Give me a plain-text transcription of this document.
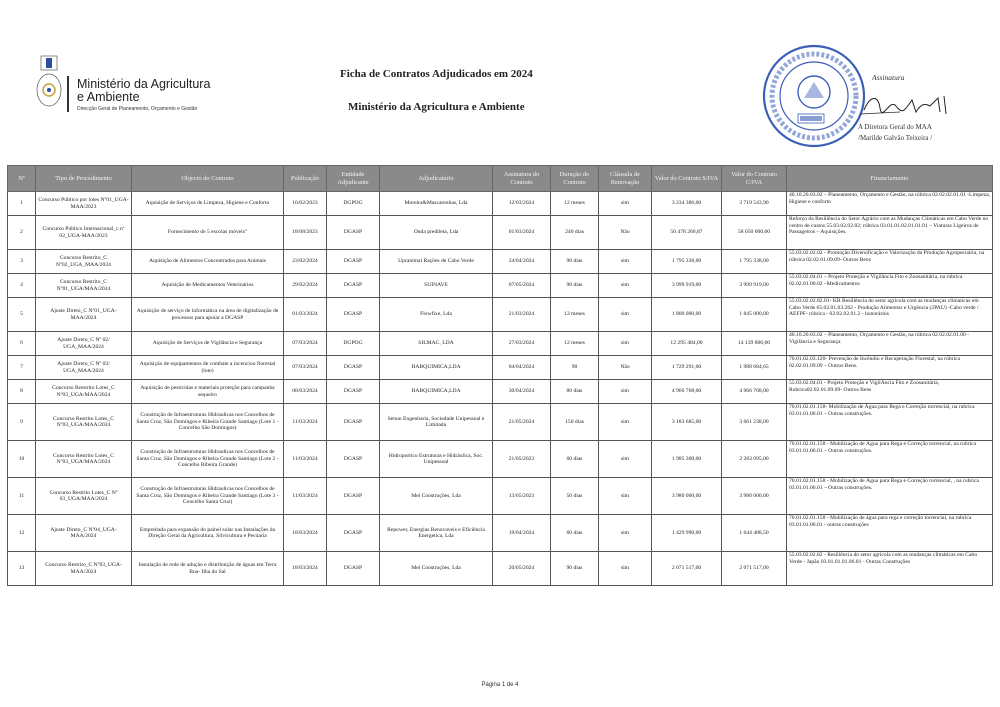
Ministério da Agricultura
e Ambiente
Direcção Geral de Planeamento, Orçamento e Gestão
Ficha de Contratos Adjudicados em 2024
Ministério da Agricultura e Ambiente
Assinatura
A Diretora Geral do MAA
/Marilde Galvão Teixeira /
Nº	Tipo de Procedimento	Objecto do Contrato	Publicação	Entidade Adjudicante	Adjudicatário	Assinatura do Contrato	Duração do Contrato	Cláusula de Renovação	Valor do Contrato S/IVA	Valor do Contrato C/IVA	Financiamento
1	Concurso Público por lotes Nº01_UGA-MAA/2023	Aquisição de Serviços de Limpeza, Higiene e Conforto	16/02/2023	DGPOG	Moreira&Mascarenhas, Lda	12/03/2024	12 meses	sim	3 234 386,00	3 719 543,90	40.10.20.03.02 – Planeamento, Orçamento e Gestão, na rúbrica 02.02.02.01.01 -Limpeza, Higiene e conforto
2	Concurso Público Internacional_c nº 02_UGA-MAA/2023	Fornecimento de 5 escolas móveis"	18/08/2023	DGASP	Onda predileta, Lda	01/03/2024	240 dias	Não	50 478 260,87	58 050 000,00	Reforço da Resiliência do Setor Agrário com as Mudanças Climáticas em Cabo Verde no centro de custos 55.03.02.02.82; rúbrica 03.01.01.02.01.01.01 – Viaturas Ligeiros de Passageiros – Aquisições.
3	Concurso Restrito_C Nº02_UGA_MAA/2024	Aquisição de Alimentos Concentrados para Animais	23/02/2024	DGASP	Upranimal Rações de Cabo Verde	24/04/2024	90 dias	sim	1 795 338,00	1 795 338,00	55.03.02.02.02 - Promoção Diversificação e Valorização da Produção Agropecuária, na rúbrica 02.02.01.09.09- Outros Bens
4	Concurso Restrito_C Nº01_UGA/MAA/2024	Aquisição de Medicamentos Veterinários	29/02/2024	DGASP	SUINAVE	07/05/2024	90 dias	sim	3 999 919,00	3 999 919,00	55.03.02.04.01 – Projeto Proteção e Vigilância Fito e Zoosanitária, na rúbrica 02.02.01.00.02 –Medicamentos
5	Ajuste Direto_C Nº01_UGA-MAA/2024	Aquisição de serviço de informática na área de digitalização de processos para apoiar a DGASP	01/03/2024	DGASP	Flowfixe, Lda	21/03/2024	12 meses	sim	1 800 000,00	1 845 000,00	55.03.02.02.82.01- KR Resiliência do setor agrícola com as mudanças climaticas em Cabo Verde 65.02.01.03.262 - Produção Alimentar e Urgência (2PAU) -Cabo verde / AEFPF- rúbrica - 02.02.02.01.2 - honorários
6	Ajuste Direto_C Nº 02/ UGA_MAA/2024	Aquisição de Serviços de Vigilância e Segurança	07/03/2024	DGPOG	SILMAC, LDA	27/03/2024	12 meses	sim	12 295 484,00	14 139 806,60	40.10.20.03.02 – Planeamento, Orçamento e Gestão, na rúbrica 02.02.02.01.00 - Vigilância e Segurança
7	Ajuste Direto_C Nº 03/ UGA_MAA/2024	Aquisição de equipamentos de combate a incencioo florestal (lote)	07/03/2024	DGASP	HABQUIMICA,LDA	04/04/2024	90	Não	1 729 291,00	1 988 684,65	70.01.02.03.120- Prevenção de Incêndio e Recuperação Florestal, na rúbrica 02.02.01.09.09 – Outros Bens.
8	Concurso Rrestrito Lotes_C Nº03_UGA/MAA/2024	Aquisição de pesticidas e materiais proteção para campanha sequeiro	08/03/2024	DGASP	HABQUIMICA,LDA	30/04/2024	80 dias	sim	4 966 768,00	4 966 768,00	55.03.02.04.01 - Projeto Proteção e VigilÂncia Fito e Zoosanitária, Rubrica02.02.01.09.09- Outros Bens
9	Concurso Restrito Lotes_C Nº03_UGA/MAA/2024	Construção de Infraestruturas Hidraulicas nos Concelhos de Santa Cruz, São Domingos e Ribeira Grande Santiago (Lote 1 -Concelho São Domingos)	11/03/2024	DGASP	Senun Engenharia, Sociedade Unipessoal e Limitada	21/05/2024	150 dias	sim	3 183 685,00	3 661 238,00	70.01.02.01.158- Mobilização de Água para Rega e Correção torrencial, na rubrica 03.01.01.06.01 – Outras construções.
10	Concurso Restrito Lotes_C Nº03_UGA/MAA/2024	Construção de Infraestruturas Hidraulicas nos Concelhos de Santa Cruz, São Domingos e Ribeira Grande Santiago (Lote 2 -Concelho Ribeira Grande)	11/03/2024	DGASP	Hidroportico Estruturas e Hidráulica, Soc. Unipessoal	21/05/2023	60 dias	sim	1 985 300,00	2 283 095,00	70.01.02.01.158 - Mobilização de Água para Rega e Correção torrencial, na rubrica 03.01.01.06.01 – Outras construções.
11	Concurso Restrito Lotes_C Nº 03_UGA/MAA/2024	Construção de Infraestruturas Hidraulicas nos Concelhos de Santa Cruz, São Domingos e Ribeira Grande Santiago (Lote 3 -Concelho Santa Cruz)	11/03/2024	DGASP	Mel Construções, Lda	13/05/2023	50 dias	sim	3 980 000,00	3 980 000,00	70.01.02.01.158 - Mobilização de Água para Rega e Correção torrencial, , na rubrica 03.01.01.06.01 – Outras construções.
12	Ajuste Direto_C Nº04_UGA-MAA/2024	Empreitada para expansão do painel solar nas Instalações da Direção Geral da Agricultura, Silvicultura e Pecúaria	18/03/2024	DGASP	Repower, Energias Renovaveis e Eficiência Energetica, Lda	19/04/2024	60 dias	sim	1 429 990,00	1 644 488,50	70.01.02.01.158 - Mobilização de água para rega e correção torrencial, na rubrica 03.01.01.06.01 - outras construções
13	Concurso Restrito_C Nº03_UGA-MAA/2024	Instalação de rede de adução e distribuição de águas em Terra Boa- Ilha do Sal	18/03/2024	DGASP	Mel Construções, Lda	20/05/2024	90 dias	sim	2 071 517,00	2 071 517,00	55.03.02.02.82 - Resiliência do setor agricola com as mudanças climáticas em Cabo Verde - Japão 03.01.01.01.06.01 - Outras Construções
Página 1 de 4
